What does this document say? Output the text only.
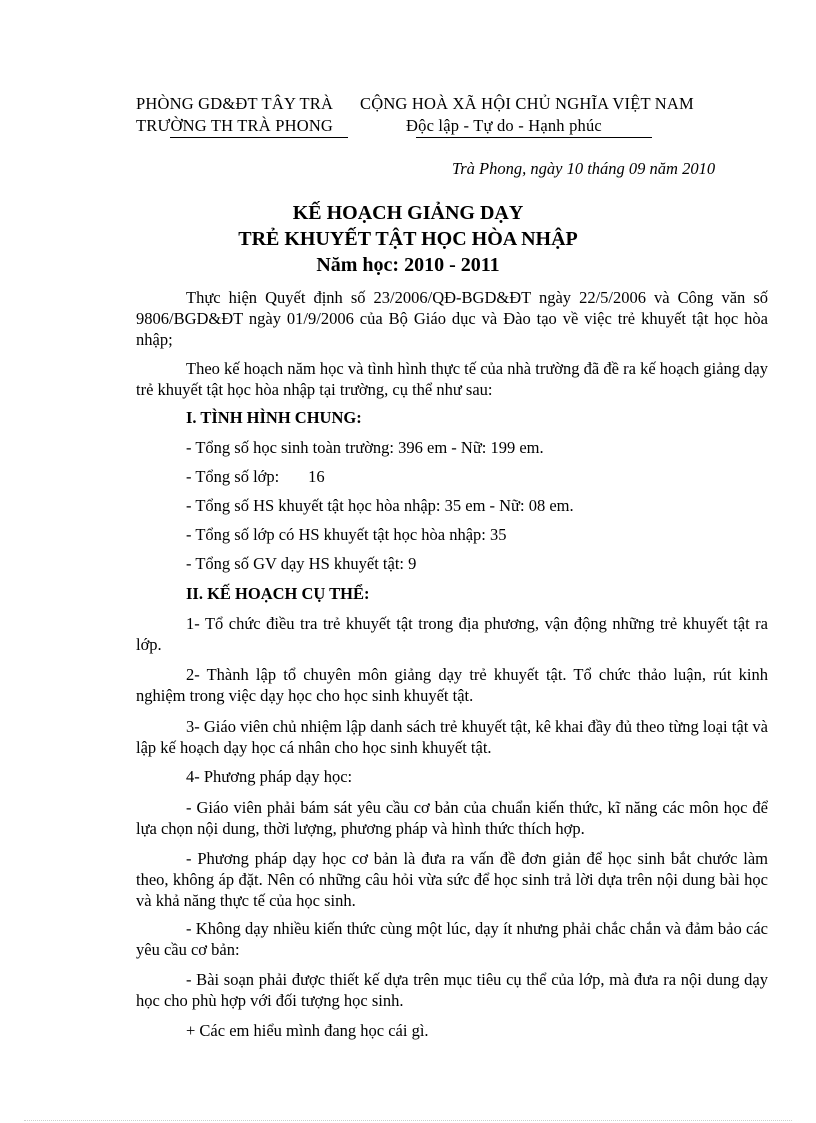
PHÒNG GD&ĐT TÂY TRÀ
TRƯỜNG TH TRÀ PHONG
CỘNG HOÀ XÃ HỘI CHỦ NGHĨA VIỆT NAM
Độc lập - Tự do - Hạnh phúc
Trà Phong, ngày 10 tháng 09 năm 2010
KẾ HOẠCH GIẢNG DẠY
TRẺ KHUYẾT TẬT HỌC HÒA NHẬP
Năm học: 2010 - 2011
Thực hiện Quyết định số 23/2006/QĐ-BGD&ĐT ngày 22/5/2006 và Công văn số 9806/BGD&ĐT ngày 01/9/2006 của Bộ Giáo dục và Đào tạo về việc trẻ khuyết tật học hòa nhập;
Theo kế hoạch năm học và tình hình thực tế của nhà trường đã đề ra kế hoạch giảng dạy trẻ khuyết tật học hòa nhập tại trường, cụ thể như sau:
I. TÌNH HÌNH CHUNG:
- Tổng số học sinh toàn trường: 396 em - Nữ: 199 em.
- Tổng số lớp:       16
- Tổng số HS khuyết tật học hòa nhập: 35 em - Nữ: 08 em.
- Tổng số lớp có HS khuyết tật học hòa nhập: 35
- Tổng số GV dạy HS khuyết tật: 9
II. KẾ HOẠCH CỤ THỂ:
1- Tổ chức điều tra trẻ khuyết tật trong địa phương, vận động những trẻ khuyết tật ra lớp.
2- Thành lập tổ chuyên môn giảng dạy trẻ khuyết tật. Tổ chức thảo luận, rút kinh nghiệm trong việc dạy học cho học sinh khuyết tật.
3- Giáo viên chủ nhiệm lập danh sách trẻ khuyết tật, kê khai đầy đủ theo từng loại tật và lập kế hoạch dạy học cá nhân cho học sinh khuyết tật.
4- Phương pháp dạy học:
- Giáo viên phải bám sát yêu cầu cơ bản của chuẩn kiến thức, kĩ năng các môn học để lựa chọn nội dung, thời lượng, phương pháp và hình thức thích hợp.
- Phương pháp dạy học cơ bản là đưa ra vấn đề đơn giản để học sinh bắt chước làm theo, không áp đặt. Nên có những câu hỏi vừa sức để học sinh trả lời dựa trên nội dung bài học và khả năng thực tế của học sinh.
- Không dạy nhiều kiến thức cùng một lúc, dạy ít nhưng phải chắc chắn và đảm bảo các yêu cầu cơ bản:
- Bài soạn phải được thiết kế dựa trên mục tiêu cụ thể của lớp, mà đưa ra nội dung dạy học cho phù hợp với đối tượng học sinh.
+ Các em hiểu mình đang học cái gì.
